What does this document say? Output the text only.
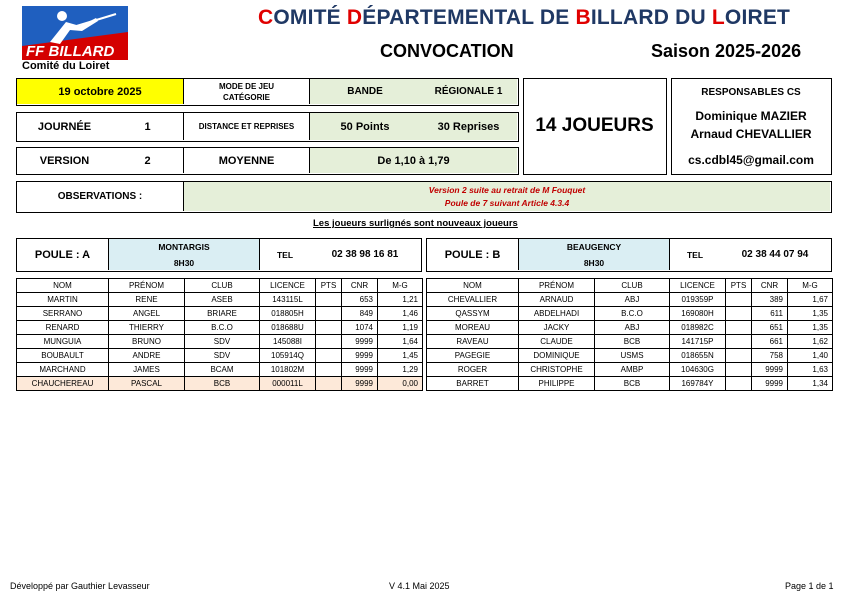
FF BILLARD
Comité du Loiret
COMITÉ DÉPARTEMENTAL DE BILLARD DU LOIRET
CONVOCATION	Saison 2025-2026
19 octobre 2025	MODE DE JEU
CATÉGORIE	BANDE	RÉGIONALE 1
JOURNÉE	1	DISTANCE ET REPRISES	50 Points	30 Reprises
VERSION	2	MOYENNE	De 1,10 à 1,79
14 JOUEURS
RESPONSABLES CS
Dominique MAZIER
Arnaud CHEVALLIER
cs.cdbl45@gmail.com
OBSERVATIONS :
Version 2 suite au retrait de M Fouquet
Poule de 7 suivant Article 4.3.4
Les joueurs surlignés sont nouveaux joueurs
POULE : A
MONTARGIS
8H30
TEL	02 38 98 16 81	POULE : B
BEAUGENCY
8H30
TEL	02 38 44 07 94
NOM	PRÉNOM	CLUB	LICENCE	PTS	CNR	M-G
MARTIN	RENE	ASEB	143115L		653	1,21
SERRANO	ANGEL	BRIARE	018805H		849	1,46
RENARD	THIERRY	B.C.O	018688U		1074	1,19
MUNGUIA	BRUNO	SDV	145088I		9999	1,64
BOUBAULT	ANDRE	SDV	105914Q		9999	1,45
MARCHAND	JAMES	BCAM	101802M		9999	1,29
CHAUCHEREAU	PASCAL	BCB	000011L		9999	0,00
NOM	PRÉNOM	CLUB	LICENCE	PTS	CNR	M-G
CHEVALLIER	ARNAUD	ABJ	019359P		389	1,67
QASSYM	ABDELHADI	B.C.O	169080H		611	1,35
MOREAU	JACKY	ABJ	018982C		651	1,35
RAVEAU	CLAUDE	BCB	141715P		661	1,62
PAGEGIE	DOMINIQUE	USMS	018655N		758	1,40
ROGER	CHRISTOPHE	AMBP	104630G		9999	1,63
BARRET	PHILIPPE	BCB	169784Y		9999	1,34
Développé par Gauthier Levasseur	V 4.1 Mai 2025	Page 1 de 1
